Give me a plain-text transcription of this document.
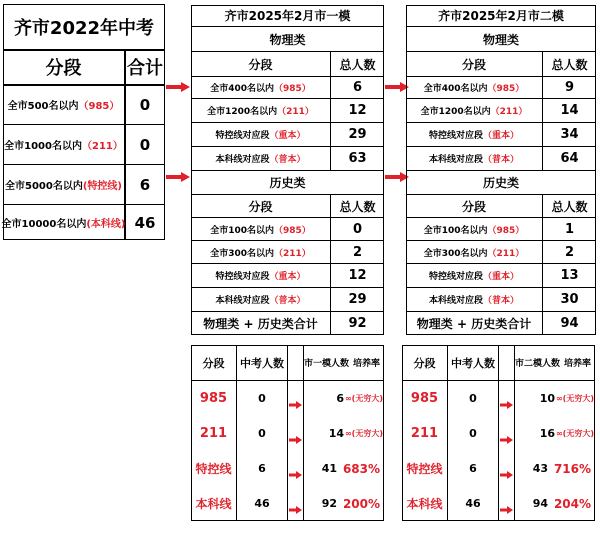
齐市2022年中考
分段	合计
全市500名以内 （985）	0
全市1000名以内 （211）	0
全市5000名以内 (特控线)	6
全市10000名以内 (本科线) 46
齐市2025年2月市一模
物理类
分段	总人数
全市400名以内 （985）	6
全市1200名以内 （211）	12
特控线对应段 （重本）	29
本科线对应段 （普本）	63
历史类
分段	总人数
全市100名以内 （985）	0
全市300名以内 （211）	2
特控线对应段 （重本）	12
本科线对应段 （普本）	29
物理类 + 历史类合计	92
齐市2025年2月市二模
物理类
分段	总人数
全市400名以内 （985）	9
全市1200名以内 （211）	14
特控线对应段 （重本）	34
本科线对应段 （普本）	64
历史类
分段	总人数
全市100名以内 （985）	1
全市300名以内 （211）	2
特控线对应段 （重本）	13
本科线对应段 （普本）	30
物理类 + 历史类合计	94
分段	中考人数	市一模人数 培养率
985	0	6 ∞(无穷大)
211	0	14 ∞(无穷大)
特控线	6	41 683%
本科线	46	92 200%
分段	中考人数	市二模人数 培养率
985	0	10 ∞(无穷大)
211	0	16 ∞(无穷大)
特控线	6	43 716%
本科线	46	94 204%
